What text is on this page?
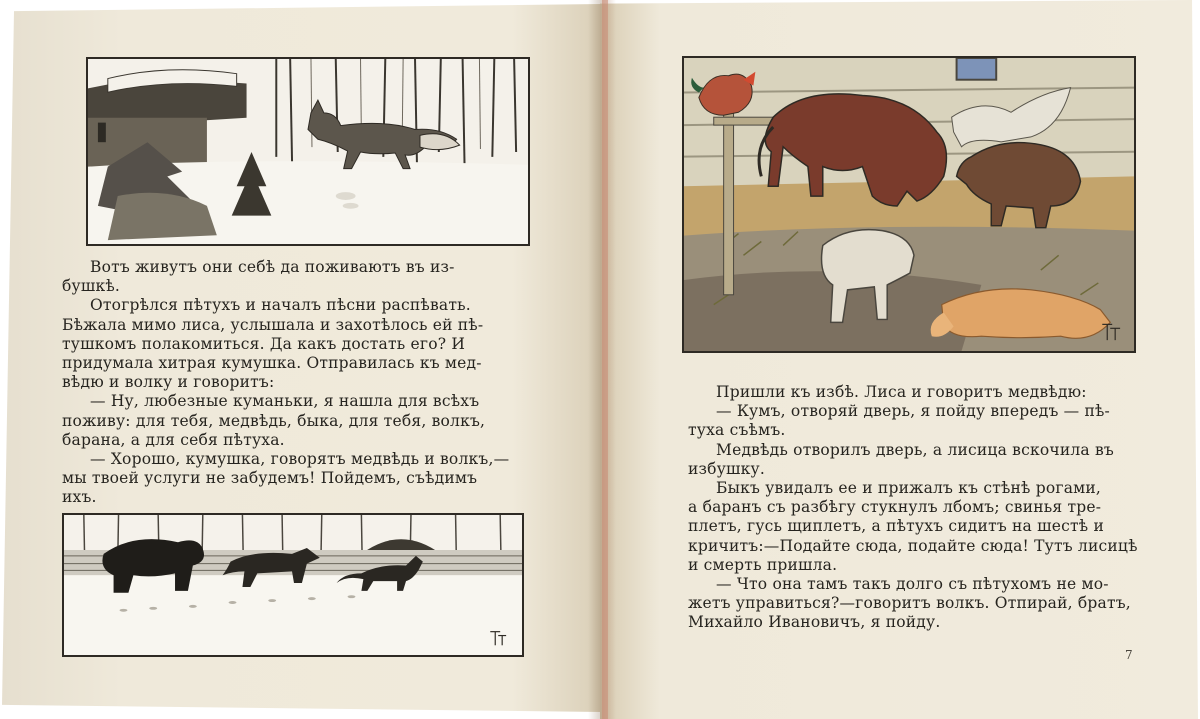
Вотъ живутъ они себѣ да поживаютъ въ из-

бушкѣ.

Отогрѣлся пѣтухъ и началъ пѣсни распѣвать.

Бѣжала мимо лиса, услышала и захотѣлось ей пѣ-

тушкомъ полакомиться. Да какъ достать его? И

придумала хитрая кумушка. Отправилась къ мед-

вѣдю и волку и говоритъ:

— Ну, любезные куманьки, я нашла для всѣхъ

поживу: для тебя, медвѣдь, быка, для тебя, волкъ,

барана, а для себя пѣтуха.

— Хорошо, кумушка, говорятъ медвѣдь и волкъ,—

мы твоей услуги не забудемъ! Пойдемъ, съѣдимъ

ихъ.

Пришли къ избѣ. Лиса и говоритъ медвѣдю:

— Кумъ, отворяй дверь, я пойду впередъ — пѣ-

туха съѣмъ.

Медвѣдь отворилъ дверь, а лисица вскочила въ

избушку.

Быкъ увидалъ ее и прижалъ къ стѣнѣ рогами,

а баранъ съ разбѣгу стукнулъ лбомъ; свинья тре-

плетъ, гусь щиплетъ, а пѣтухъ сидитъ на шестѣ и

кричитъ:—Подайте сюда, подайте сюда! Тутъ лисицѣ

и смерть пришла.

— Что она тамъ такъ долго съ пѣтухомъ не мо-

жетъ управиться?—говоритъ волкъ. Отпирай, братъ,

Михайло Ивановичъ, я пойду.

7
